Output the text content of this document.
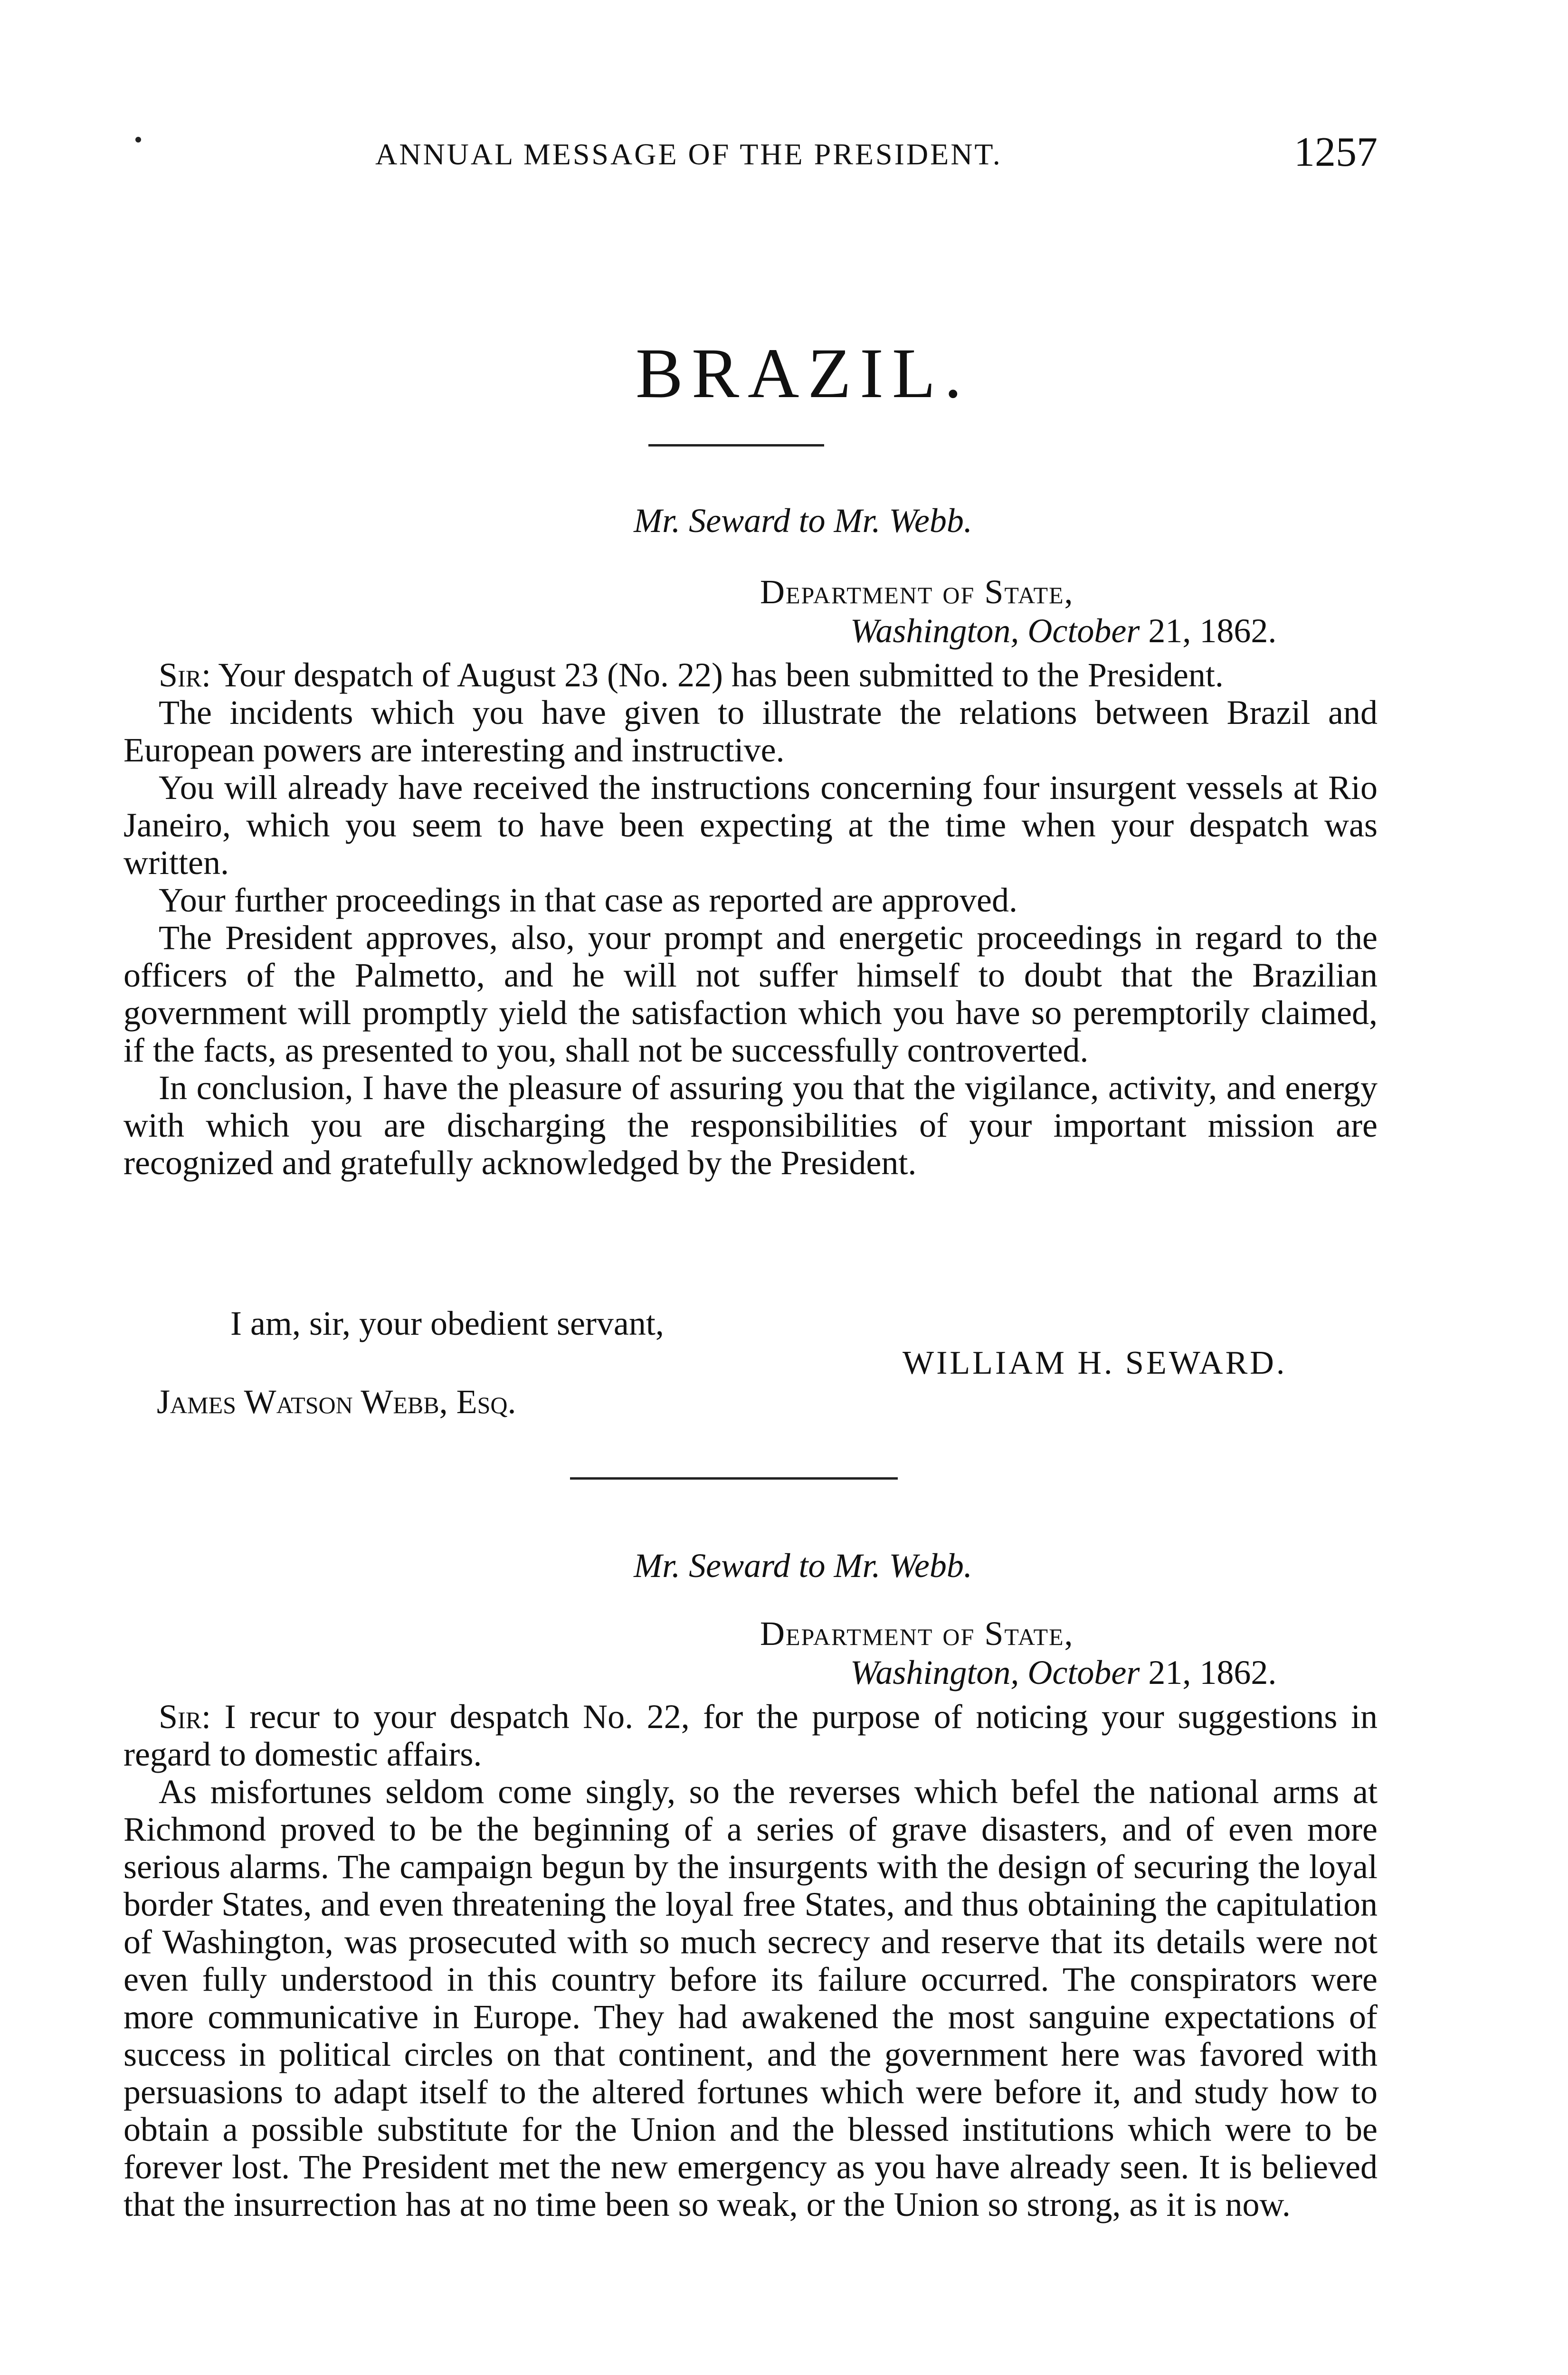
ANNUAL MESSAGE OF THE PRESIDENT.	1257
BRAZIL.
Mr. Seward to Mr. Webb.
Department of State,
Washington, October 21, 1862.

Sir: Your despatch of August 23 (No. 22) has been submitted to the President.

The incidents which you have given to illustrate the relations between Brazil and European powers are interesting and instructive.

You will already have received the instructions concerning four insurgent vessels at Rio Janeiro, which you seem to have been expecting at the time when your despatch was written.

Your further proceedings in that case as reported are approved.

The President approves, also, your prompt and energetic proceedings in regard to the officers of the Palmetto, and he will not suffer himself to doubt that the Brazilian government will promptly yield the satisfaction which you have so peremptorily claimed, if the facts, as presented to you, shall not be successfully controverted.

In conclusion, I have the pleasure of assuring you that the vigilance, activity, and energy with which you are discharging the responsibilities of your important mission are recognized and gratefully acknowledged by the President.

I am, sir, your obedient servant,
WILLIAM H. SEWARD.
James Watson Webb, Esq.
Mr. Seward to Mr. Webb.
Department of State,
Washington, October 21, 1862.

Sir: I recur to your despatch No. 22, for the purpose of noticing your suggestions in regard to domestic affairs.

As misfortunes seldom come singly, so the reverses which befel the national arms at Richmond proved to be the beginning of a series of grave disasters, and of even more serious alarms. The campaign begun by the insurgents with the design of securing the loyal border States, and even threatening the loyal free States, and thus obtaining the capitulation of Washington, was prosecuted with so much secrecy and reserve that its details were not even fully understood in this country before its failure occurred. The conspirators were more communicative in Europe. They had awakened the most sanguine expectations of success in political circles on that continent, and the government here was favored with persuasions to adapt itself to the altered fortunes which were before it, and study how to obtain a possible substitute for the Union and the blessed institutions which were to be forever lost. The President met the new emergency as you have already seen. It is believed that the insurrection has at no time been so weak, or the Union so strong, as it is now.
